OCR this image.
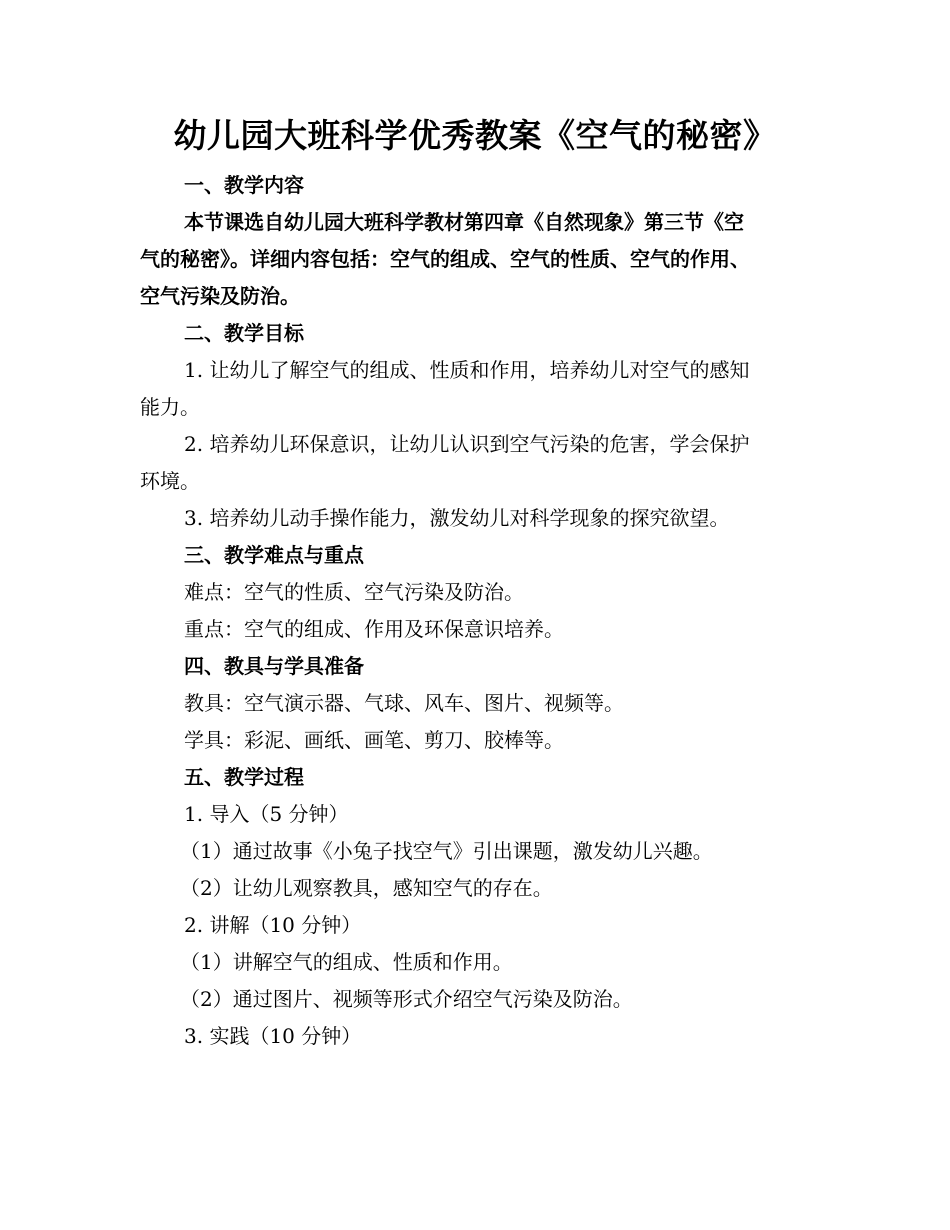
幼儿园大班科学优秀教案《空气的秘密》
一、教学内容
本节课选自幼儿园大班科学教材第四章《自然现象》第三节《空
气的秘密》。详细内容包括：空气的组成、空气的性质、空气的作用、
空气污染及防治。
二、教学目标
1. 让幼儿了解空气的组成、性质和作用，培养幼儿对空气的感知
能力。
2. 培养幼儿环保意识，让幼儿认识到空气污染的危害，学会保护
环境。
3. 培养幼儿动手操作能力，激发幼儿对科学现象的探究欲望。
三、教学难点与重点
难点：空气的性质、空气污染及防治。
重点：空气的组成、作用及环保意识培养。
四、教具与学具准备
教具：空气演示器、气球、风车、图片、视频等。
学具：彩泥、画纸、画笔、剪刀、胶棒等。
五、教学过程
1. 导入（5 分钟）
（1）通过故事《小兔子找空气》引出课题，激发幼儿兴趣。
（2）让幼儿观察教具，感知空气的存在。
2. 讲解（10 分钟）
（1）讲解空气的组成、性质和作用。
（2）通过图片、视频等形式介绍空气污染及防治。
3. 实践（10 分钟）
